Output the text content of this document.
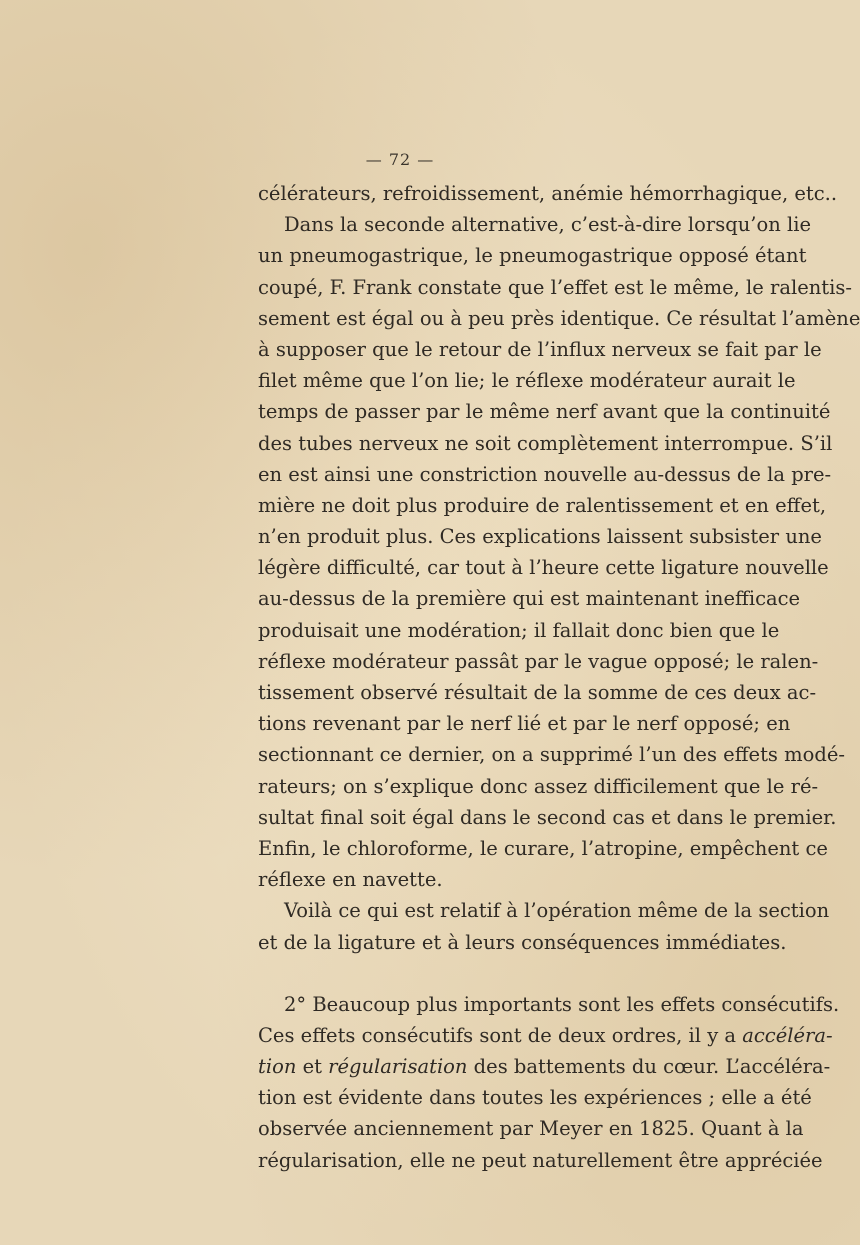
— 72 —
célérateurs, refroidissement, anémie hémorrhagique, etc..
Dans la seconde alternative, c’est-à-dire lorsqu’on lie
un pneumogastrique, le pneumogastrique opposé étant
coupé, F. Frank constate que l’effet est le même, le ralentis-
sement est égal ou à peu près identique. Ce résultat l’amène
à supposer que le retour de l’influx nerveux se fait par le
filet même que l’on lie; le réflexe modérateur aurait le
temps de passer par le même nerf avant que la continuité
des tubes nerveux ne soit complètement interrompue. S’il
en est ainsi une constriction nouvelle au-dessus de la pre-
mière ne doit plus produire de ralentissement et en effet,
n’en produit plus. Ces explications laissent subsister une
légère difficulté, car tout à l’heure cette ligature nouvelle
au-dessus de la première qui est maintenant inefficace
produisait une modération; il fallait donc bien que le
réflexe modérateur passât par le vague opposé; le ralen-
tissement observé résultait de la somme de ces deux ac-
tions revenant par le nerf lié et par le nerf opposé; en
sectionnant ce dernier, on a supprimé l’un des effets modé-
rateurs; on s’explique donc assez difficilement que le ré-
sultat final soit égal dans le second cas et dans le premier.
Enfin, le chloroforme, le curare, l’atropine, empêchent ce
réflexe en navette.
Voilà ce qui est relatif à l’opération même de la section
et de la ligature et à leurs conséquences immédiates.
2° Beaucoup plus importants sont les effets consécutifs.
Ces effets consécutifs sont de deux ordres, il y a accéléra-
tion et régularisation des battements du cœur. L’accéléra-
tion est évidente dans toutes les expériences ; elle a été
observée anciennement par Meyer en 1825. Quant à la
régularisation, elle ne peut naturellement être appréciée
